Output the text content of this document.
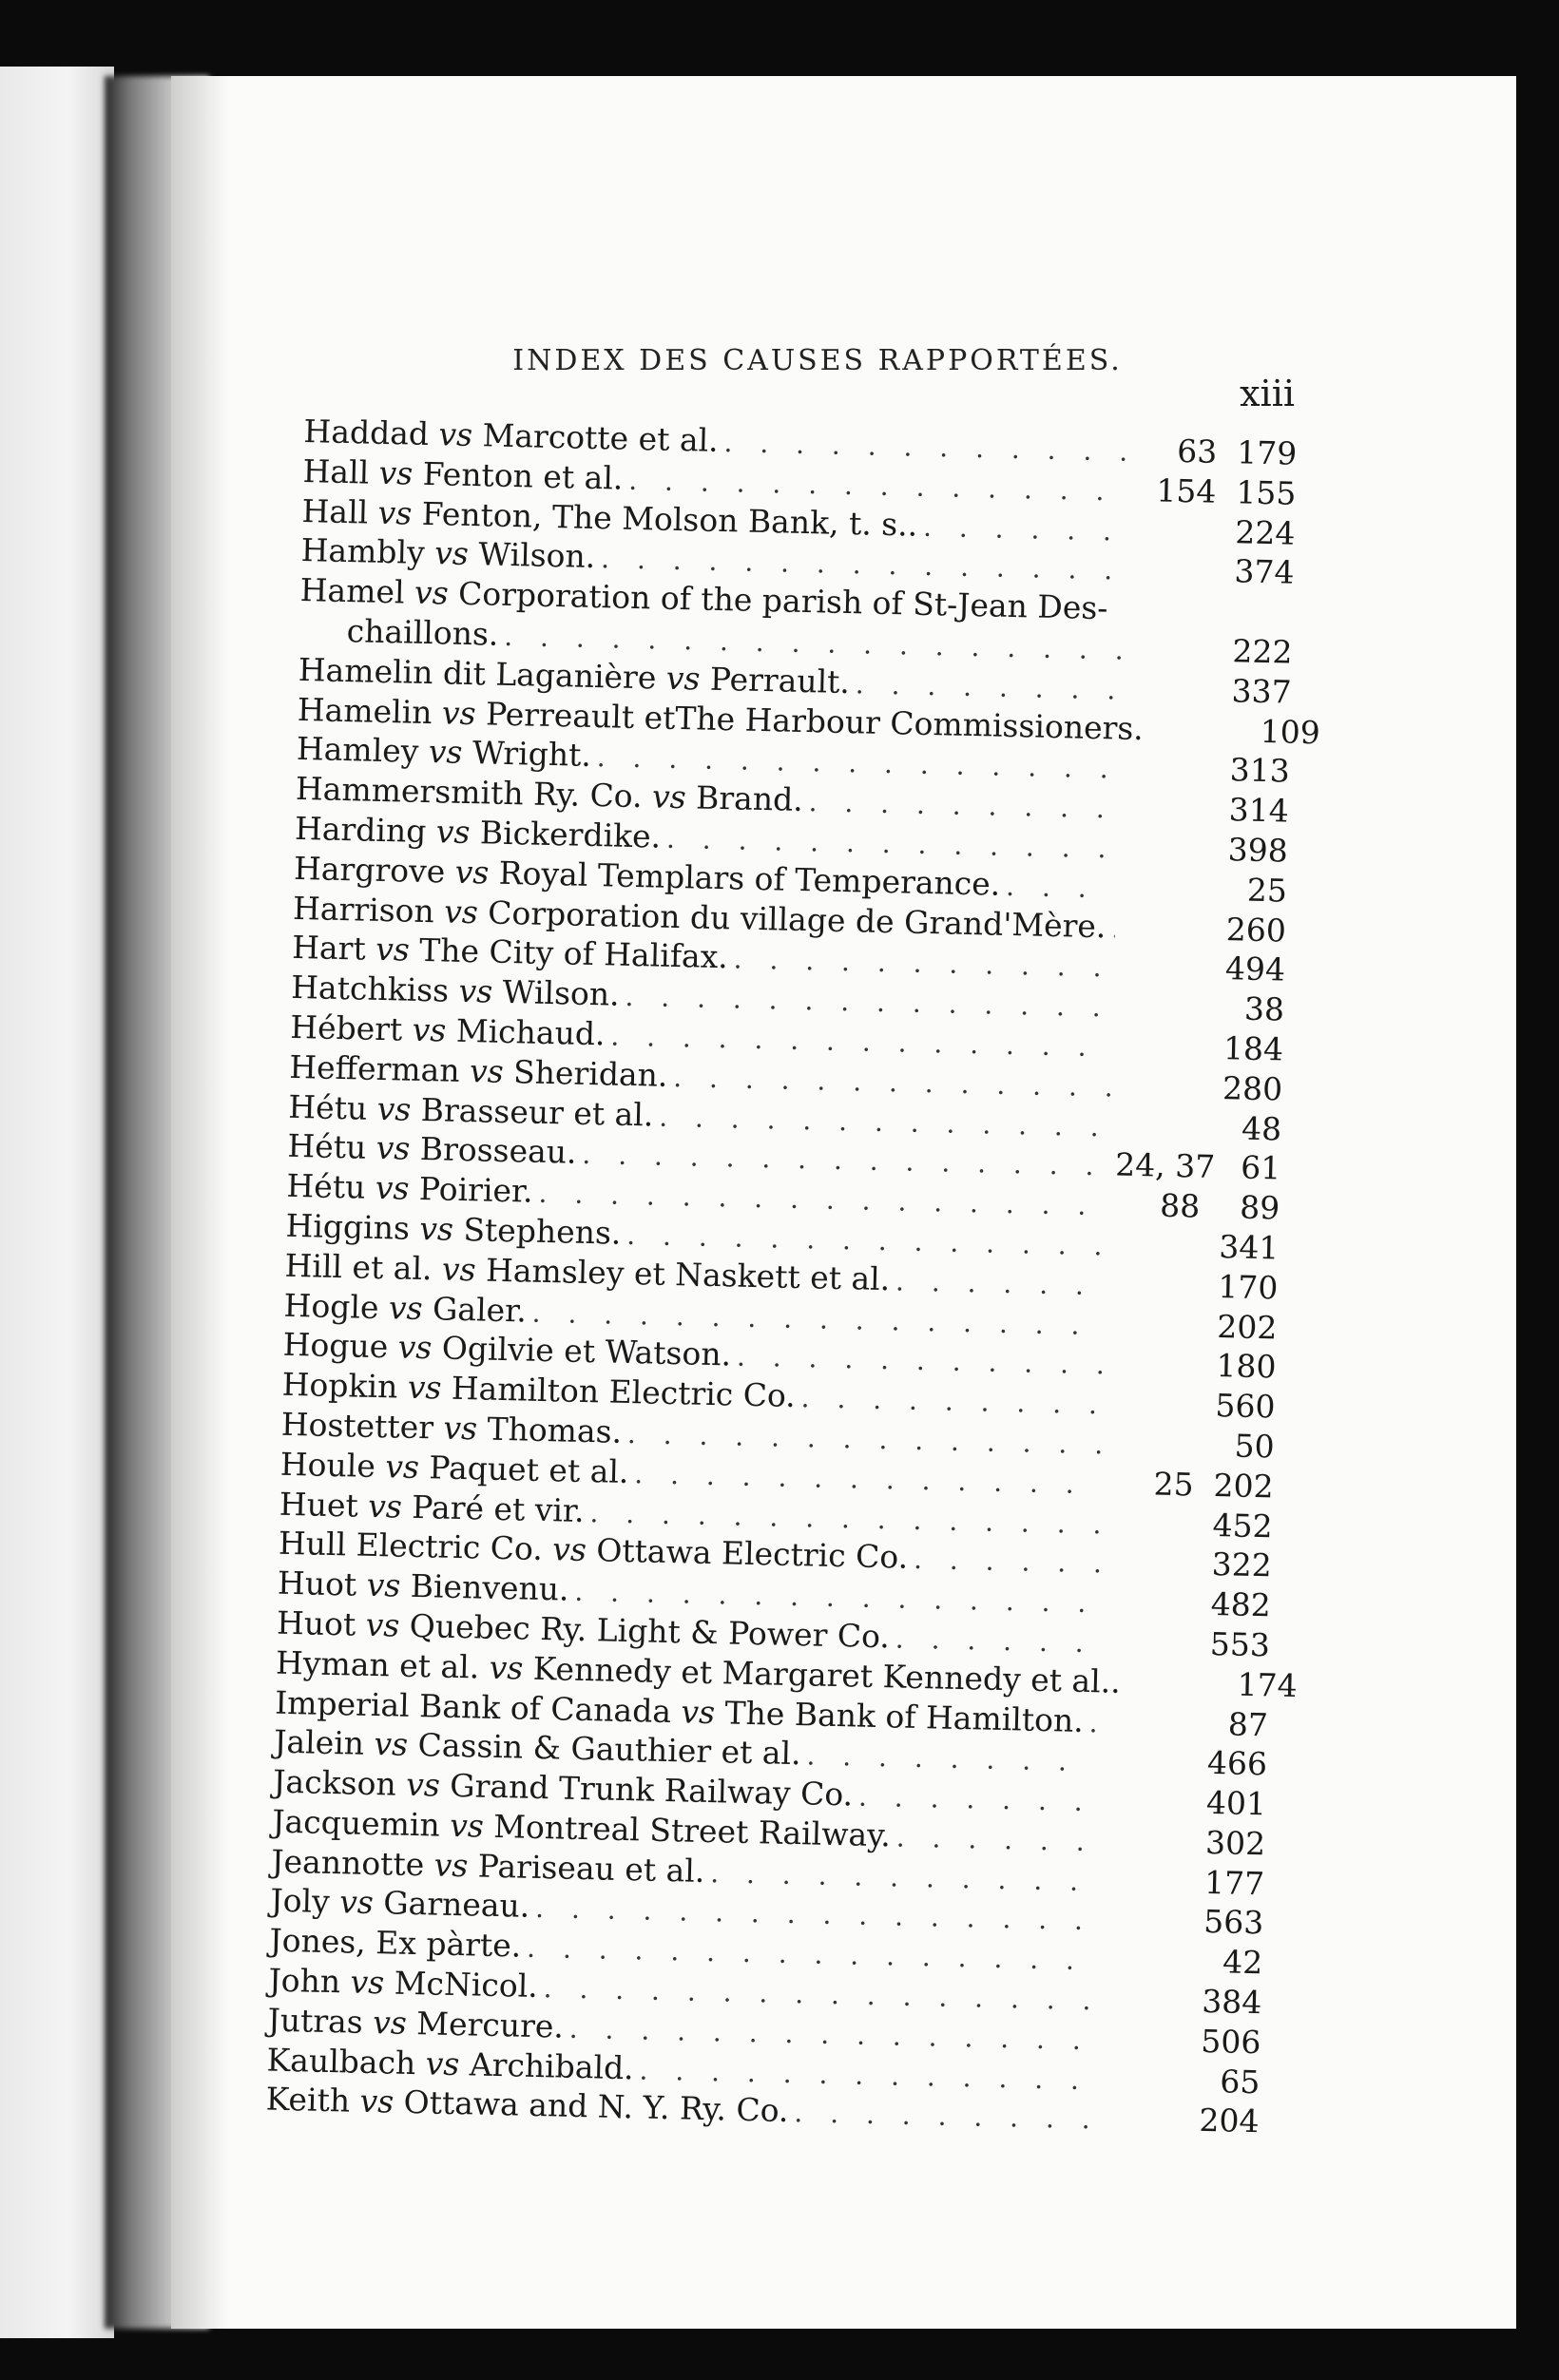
INDEX DES CAUSES RAPPORTÉES.
xiii
Haddad vs Marcotte et al. . . .	63 179
Hall vs Fenton et al. . . .	154 155
Hall vs Fenton, The Molson Bank, t. s.. . . .	224
Hambly vs Wilson. . . .	374
Hamel vs Corporation of the parish of St-Jean Des-
chaillons. . . .	222
Hamelin dit Laganière vs Perrault. . . .	337
Hamelin vs Perreault etThe Harbour Commissioners. . . .	109
Hamley vs Wright. . . .	313
Hammersmith Ry. Co. vs Brand. . . .	314
Harding vs Bickerdike. . . .	398
Hargrove vs Royal Templars of Temperance. . . .	25
Harrison vs Corporation du village de Grand'Mère. . . .	260
Hart vs The City of Halifax. . . .	494
Hatchkiss vs Wilson. . . .	38
Hébert vs Michaud. . . .	184
Hefferman vs Sheridan. . . .	280
Hétu vs Brasseur et al. . . .	48
Hétu vs Brosseau. . . .	24, 37 61
Hétu vs Poirier. . . .	88	89
Higgins vs Stephens. . . .	341
Hill et al. vs Hamsley et Naskett et al. . . .	170
Hogle vs Galer. . . .	202
Hogue vs Ogilvie et Watson. . . .	180
Hopkin vs Hamilton Electric Co. . . .	560
Hostetter vs Thomas. . . .	50
Houle vs Paquet et al. . . .	25 202
Huet vs Paré et vir. . . .	452
Hull Electric Co. vs Ottawa Electric Co. . . .	322
Huot vs Bienvenu. . . .	482
Huot vs Quebec Ry. Light & Power Co. . . .	553
Hyman et al. vs Kennedy et Margaret Kennedy et al.. . . .	174
Imperial Bank of Canada vs The Bank of Hamilton. . . .	87
Jalein vs Cassin & Gauthier et al. . . .	466
Jackson vs Grand Trunk Railway Co. . . .	401
Jacquemin vs Montreal Street Railway. . . .	302
Jeannotte vs Pariseau et al. . . .	177
Joly vs Garneau. . . .	563
Jones, Ex pàrte. . . .	42
John vs McNicol. . . .	384
Jutras vs Mercure. . . .	506
Kaulbach vs Archibald. . . .	65
Keith vs Ottawa and N. Y. Ry. Co. . . .	204
